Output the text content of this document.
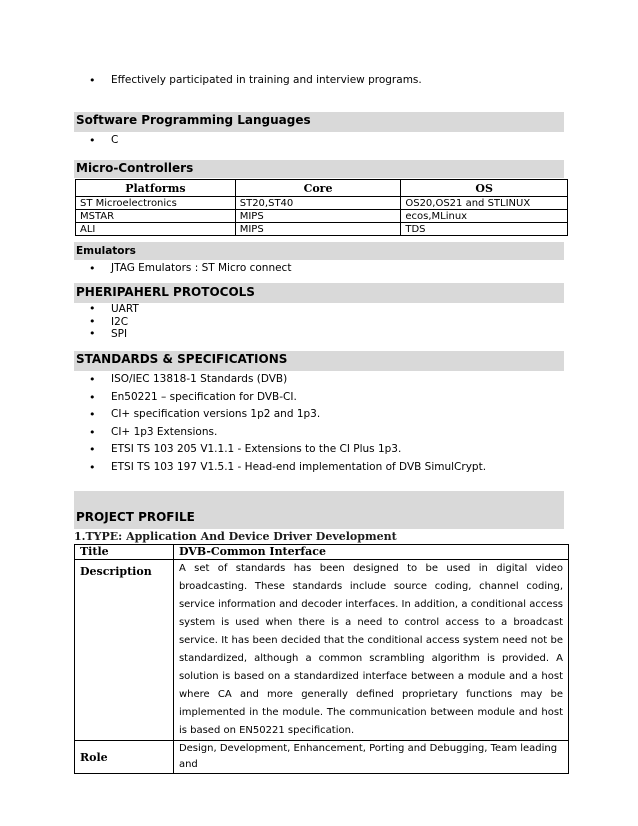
• Effectively participated in training and interview programs.
Software Programming Languages
• C
Micro-Controllers
Platforms	Core	OS
ST Microelectronics	ST20,ST40	OS20,OS21 and STLINUX
MSTAR	MIPS	ecos,MLinux
ALI	MIPS	TDS
Emulators
• JTAG Emulators : ST Micro connect
PHERIPAHERL PROTOCOLS
• UART
• I2C
• SPI
STANDARDS & SPECIFICATIONS
• ISO/IEC 13818-1 Standards (DVB)
• En50221 – specification for DVB-CI.
• CI+ specification versions 1p2 and 1p3.
• CI+ 1p3 Extensions.
• ETSI TS 103 205 V1.1.1 - Extensions to the CI Plus 1p3.
• ETSI TS 103 197 V1.5.1 - Head-end implementation of DVB SimulCrypt.
PROJECT PROFILE
1.TYPE: Application And Device Driver Development
Title	DVB-Common Interface
Description	A set of standards has been designed to be used in digital video broadcasting. These standards include source coding, channel coding, service information and decoder interfaces. In addition, a conditional access system is used when there is a need to control access to a broadcast service. It has been decided that the conditional access system need not be standardized, although a common scrambling algorithm is provided. A solution is based on a standardized interface between a module and a host where CA and more generally defined proprietary functions may be implemented in the module. The communication between module and host is based on EN50221 specification.
Role	Design, Development, Enhancement, Porting and Debugging, Team leading and
